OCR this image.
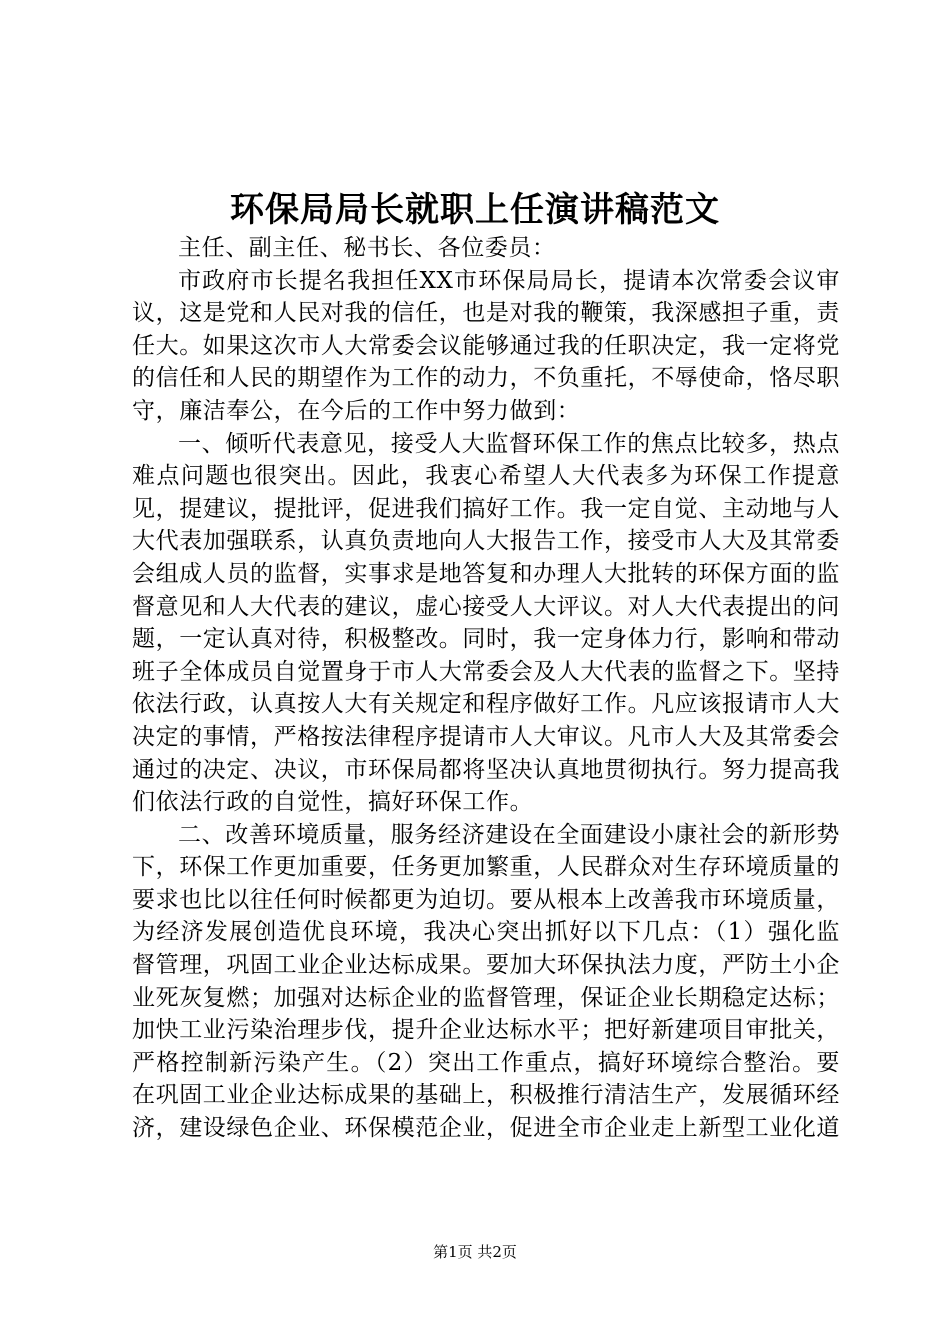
环保局局长就职上任演讲稿范文

主任、副主任、秘书长、各位委员：

市政府市长提名我担任XX市环保局局长，提请本次常委会议审议，这是党和人民对我的信任，也是对我的鞭策，我深感担子重，责任大。如果这次市人大常委会议能够通过我的任职决定，我一定将党的信任和人民的期望作为工作的动力，不负重托，不辱使命，恪尽职守，廉洁奉公，在今后的工作中努力做到：

一、倾听代表意见，接受人大监督环保工作的焦点比较多，热点难点问题也很突出。因此，我衷心希望人大代表多为环保工作提意见，提建议，提批评，促进我们搞好工作。我一定自觉、主动地与人大代表加强联系，认真负责地向人大报告工作，接受市人大及其常委会组成人员的监督，实事求是地答复和办理人大批转的环保方面的监督意见和人大代表的建议，虚心接受人大评议。对人大代表提出的问题，一定认真对待，积极整改。同时，我一定身体力行，影响和带动班子全体成员自觉置身于市人大常委会及人大代表的监督之下。坚持依法行政，认真按人大有关规定和程序做好工作。凡应该报请市人大决定的事情，严格按法律程序提请市人大审议。凡市人大及其常委会通过的决定、决议，市环保局都将坚决认真地贯彻执行。努力提高我们依法行政的自觉性，搞好环保工作。

二、改善环境质量，服务经济建设在全面建设小康社会的新形势下，环保工作更加重要，任务更加繁重，人民群众对生存环境质量的要求也比以往任何时候都更为迫切。要从根本上改善我市环境质量，为经济发展创造优良环境，我决心突出抓好以下几点：（1）强化监督管理，巩固工业企业达标成果。要加大环保执法力度，严防土小企业死灰复燃；加强对达标企业的监督管理，保证企业长期稳定达标；加快工业污染治理步伐，提升企业达标水平；把好新建项目审批关，严格控制新污染产生。（2）突出工作重点，搞好环境综合整治。要在巩固工业企业达标成果的基础上，积极推行清洁生产，发展循环经济，建设绿色企业、环保模范企业，促进全市企业走上新型工业化道

第1页 共2页
